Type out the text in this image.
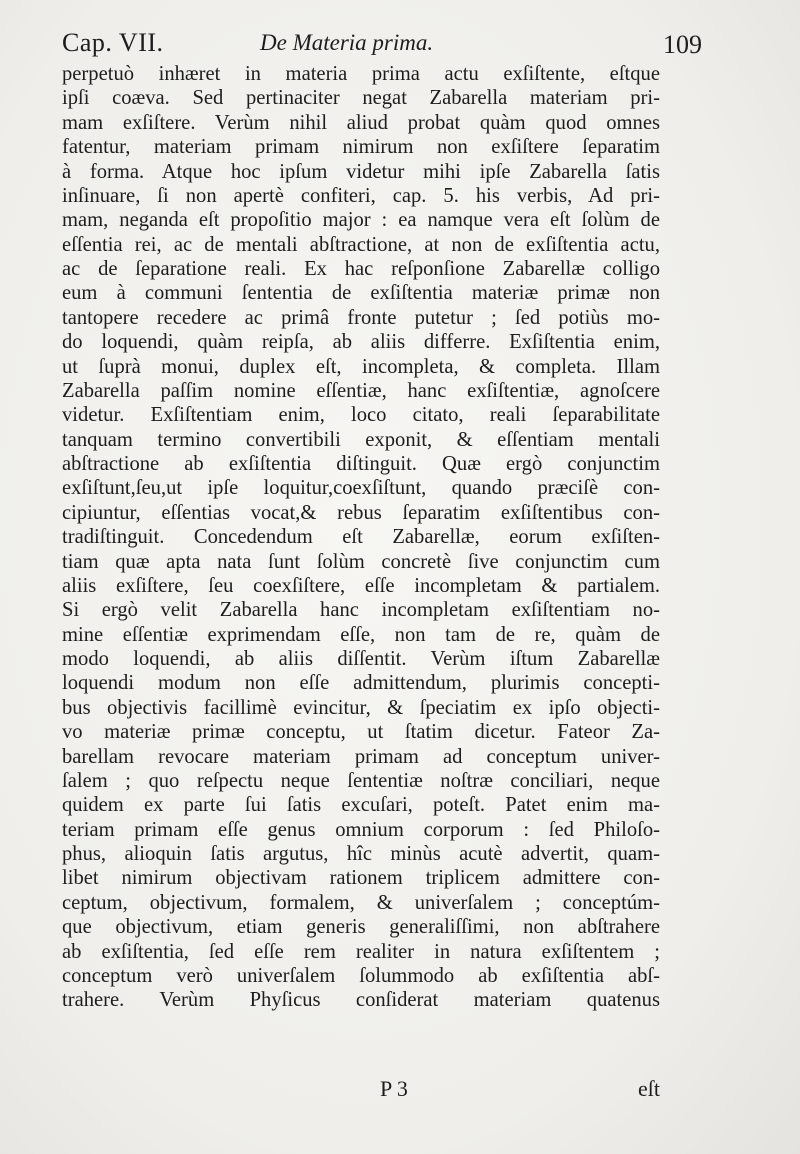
Cap. VII.	De Materia prima.	109
perpetuò inhæret in materia prima actu exſiſtente, eſtque
ipſi coæva. Sed pertinaciter negat Zabarella materiam pri-
mam exſiſtere. Verùm nihil aliud probat quàm quod omnes
fatentur, materiam primam nimirum non exſiſtere ſeparatim
à forma. Atque hoc ipſum videtur mihi ipſe Zabarella ſatis
inſinuare, ſi non apertè confiteri, cap. 5. his verbis, Ad pri-
mam, neganda eſt propoſitio major : ea namque vera eſt ſolùm de
eſſentia rei, ac de mentali abſtractione, at non de exſiſtentia actu,
ac de ſeparatione reali. Ex hac reſponſione Zabarellæ colligo
eum à communi ſententia de exſiſtentia materiæ primæ non
tantopere recedere ac primâ fronte putetur ; ſed potiùs mo-
do loquendi, quàm reipſa, ab aliis differre. Exſiſtentia enim,
ut ſuprà monui, duplex eſt, incompleta, & completa. Illam
Zabarella paſſim nomine eſſentiæ, hanc exſiſtentiæ, agnoſcere
videtur. Exſiſtentiam enim, loco citato, reali ſeparabilitate
tanquam termino convertibili exponit, & eſſentiam mentali
abſtractione ab exſiſtentia diſtinguit. Quæ ergò conjunctim
exſiſtunt,ſeu,ut ipſe loquitur,coexſiſtunt, quando præciſè con-
cipiuntur, eſſentias vocat,& rebus ſeparatim exſiſtentibus con-
tradiſtinguit. Concedendum eſt Zabarellæ, eorum exſiſten-
tiam quæ apta nata ſunt ſolùm concretè ſive conjunctim cum
aliis exſiſtere, ſeu coexſiſtere, eſſe incompletam & partialem.
Si ergò velit Zabarella hanc incompletam exſiſtentiam no-
mine eſſentiæ exprimendam eſſe, non tam de re, quàm de
modo loquendi, ab aliis diſſentit. Verùm iſtum Zabarellæ
loquendi modum non eſſe admittendum, plurimis concepti-
bus objectivis facillimè evincitur, & ſpeciatim ex ipſo objecti-
vo materiæ primæ conceptu, ut ſtatim dicetur. Fateor Za-
barellam revocare materiam primam ad conceptum univer-
ſalem ; quo reſpectu neque ſententiæ noſtræ conciliari, neque
quidem ex parte ſui ſatis excuſari, poteſt. Patet enim ma-
teriam primam eſſe genus omnium corporum : ſed Philoſo-
phus, alioquin ſatis argutus, hîc minùs acutè advertit, quam-
libet nimirum objectivam rationem triplicem admittere con-
ceptum, objectivum, formalem, & univerſalem ; conceptúm-
que objectivum, etiam generis generaliſſimi, non abſtrahere
ab exſiſtentia, ſed eſſe rem realiter in natura exſiſtentem ;
conceptum verò univerſalem ſolummodo ab exſiſtentia abſ-
trahere. Verùm Phyſicus conſiderat materiam quatenus
P 3	eſt
